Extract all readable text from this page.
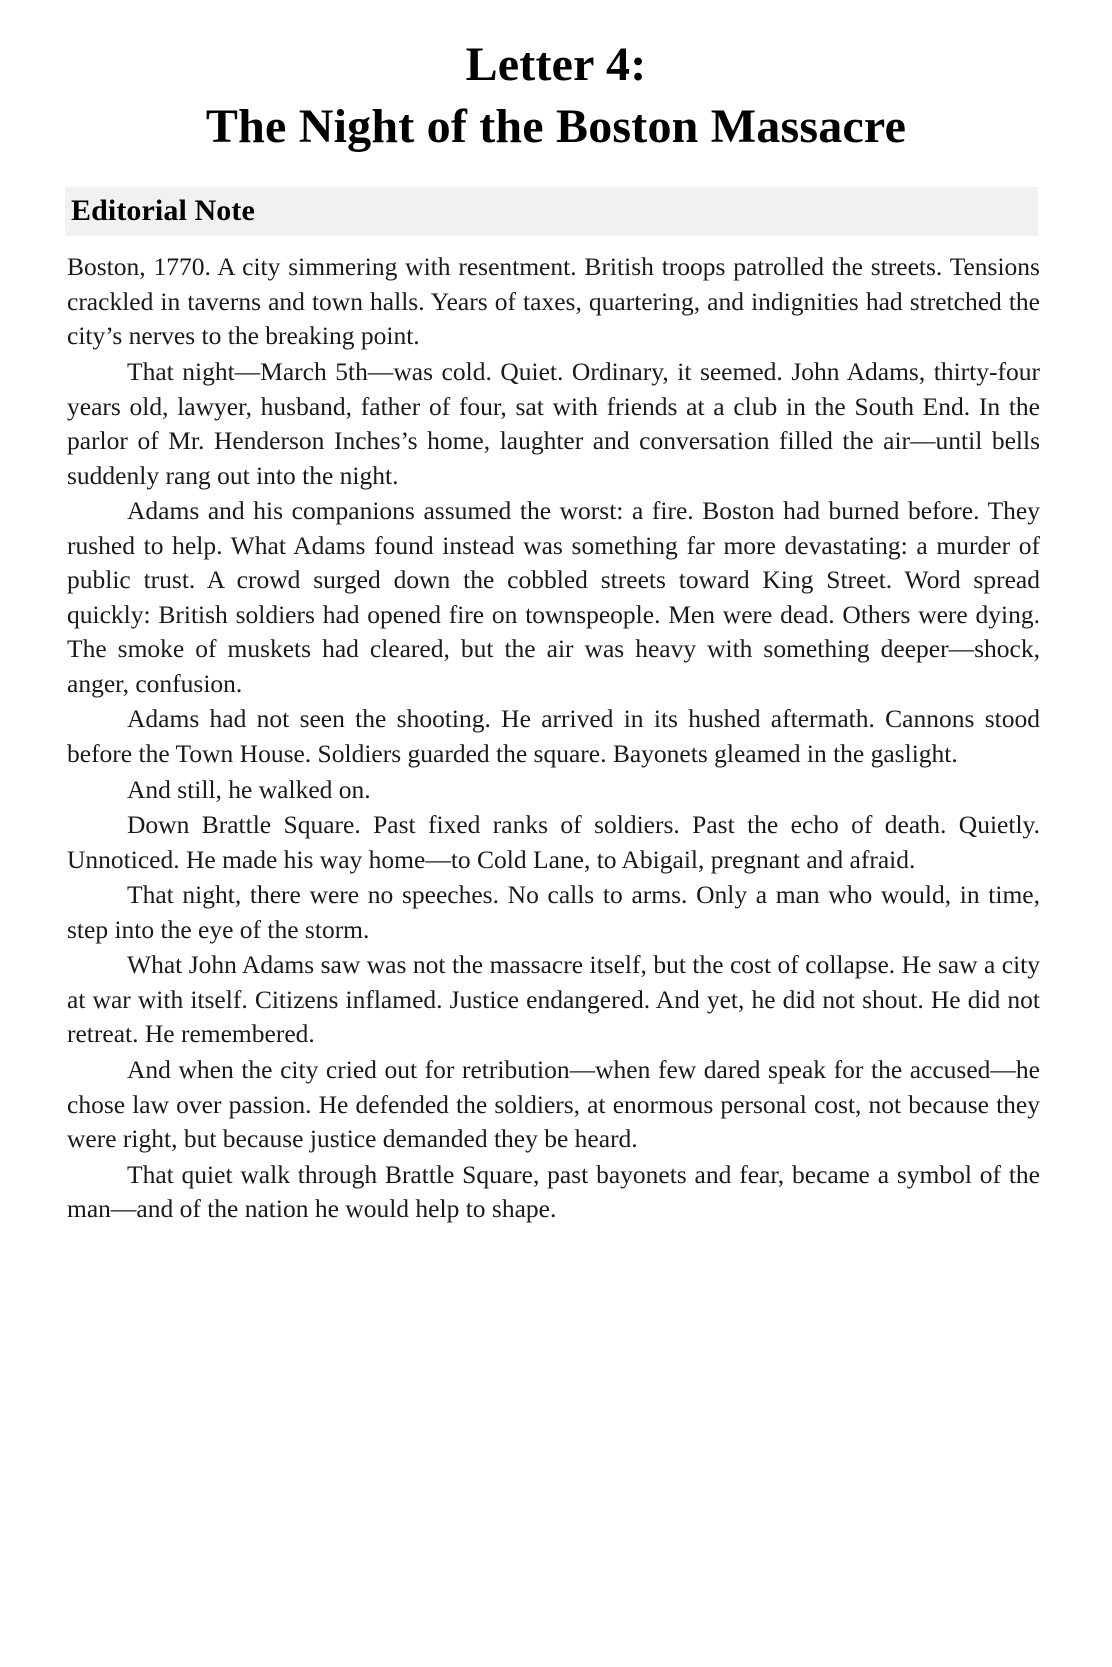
Letter 4:
The Night of the Boston Massacre
Editorial Note

Boston, 1770. A city simmering with resentment. British troops patrolled the streets. Tensions crackled in taverns and town halls. Years of taxes, quartering, and indignities had stretched the city’s nerves to the breaking point.

That night—March 5th—was cold. Quiet. Ordinary, it seemed. John Adams, thirty-four years old, lawyer, husband, father of four, sat with friends at a club in the South End. In the parlor of Mr. Henderson Inches’s home, laughter and conversation filled the air—until bells suddenly rang out into the night.

Adams and his companions assumed the worst: a fire. Boston had burned before. They rushed to help. What Adams found instead was something far more devastating: a murder of public trust. A crowd surged down the cobbled streets toward King Street. Word spread quickly: British soldiers had opened fire on townspeople. Men were dead. Others were dying. The smoke of muskets had cleared, but the air was heavy with something deeper—shock, anger, confusion.

Adams had not seen the shooting. He arrived in its hushed aftermath. Cannons stood before the Town House. Soldiers guarded the square. Bayonets gleamed in the gaslight.

And still, he walked on.

Down Brattle Square. Past fixed ranks of soldiers. Past the echo of death. Quietly. Unnoticed. He made his way home—to Cold Lane, to Abigail, pregnant and afraid.

That night, there were no speeches. No calls to arms. Only a man who would, in time, step into the eye of the storm.

What John Adams saw was not the massacre itself, but the cost of collapse. He saw a city at war with itself. Citizens inflamed. Justice endangered. And yet, he did not shout. He did not retreat. He remembered.

And when the city cried out for retribution—when few dared speak for the accused—he chose law over passion. He defended the soldiers, at enormous personal cost, not because they were right, but because justice demanded they be heard.

That quiet walk through Brattle Square, past bayonets and fear, became a symbol of the man—and of the nation he would help to shape.
